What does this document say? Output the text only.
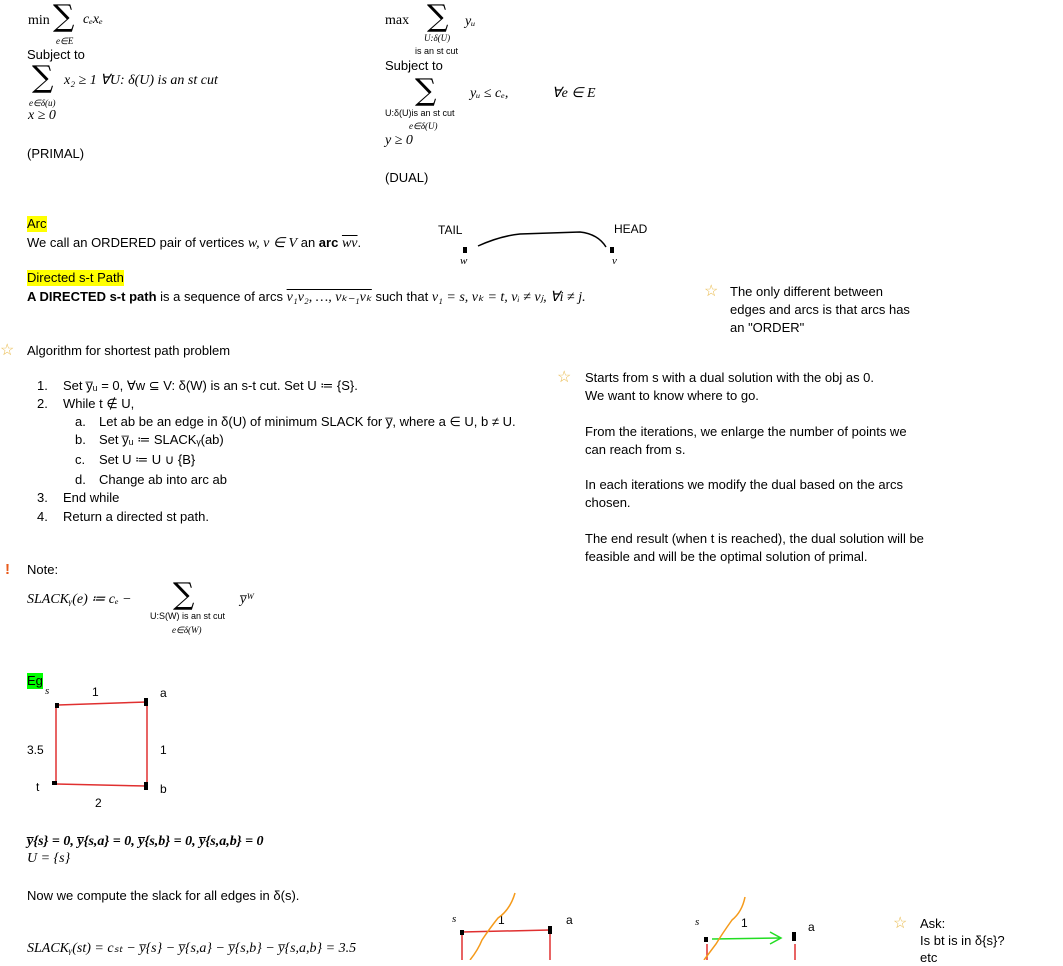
min ∑ cₑxₑ
e∈E
Subject to
∑ x₂ ≥ 1 ∀U: δ(U) is an st cut
e∈δ(u)
x ≥ 0
(PRIMAL)
max ∑ yᵤ
U:δ(U)
is an st cut
Subject to
∑ yᵤ ≤ cₑ,	∀e ∈ E
U:δ(U)is an st cut
e∈δ(U)
y ≥ 0
(DUAL)
Arc
We call an ORDERED pair of vertices w, v ∈ V an arc $\overline{wv}$.
TAIL	HEAD
w	v
Directed s-t Path
A DIRECTED s-t path is a sequence of arcs v₁v₂, …, vₖ₋₁vₖ such that v₁ = s, vₖ = t, vᵢ ≠ vⱼ, ∀i ≠ j.	☆ The only different between
edges and arcs is that arcs has
an "ORDER"
☆ Algorithm for shortest path problem
1. Set y̅ᵤ = 0, ∀w ⊆ V: δ(W) is an s-t cut. Set U ≔ {S}.
2. While t ∉ U,
a. Let ab be an edge in δ(U) of minimum SLACK for y̅, where a ∈ U, b ≠ U.
b. Set y̅ᵤ ≔ SLACKᵧ(ab)
c. Set U ≔ U ∪ {B}
d. Change ab into arc ab
3. End while
4. Return a directed st path.
☆ Starts from s with a dual solution with the obj as 0.
We want to know where to go.
From the iterations, we enlarge the number of points we
can reach from s.
In each iterations we modify the dual based on the arcs
chosen.
The end result (when t is reached), the dual solution will be
feasible and will be the optimal solution of primal.
! Note:
SLACKᵧ(e) ≔ cₑ − ∑	y̅ᵂ
U:S(W) is an st cut
e∈δ(W)
Eg
s	1	a
3.5	1
t	b
2
y̅{s} = 0, y̅{s,a} = 0, y̅{s,b} = 0, y̅{s,a,b} = 0
U = {s}
Now we compute the slack for all edges in δ(s).
SLACKᵧ(st) = cₛₜ − y̅{s} − y̅{s,a} − y̅{s,b} − y̅{s,a,b} = 3.5
s	1	a	s	1	a	☆ Ask:
Is bt is in δ{s}?
etc
